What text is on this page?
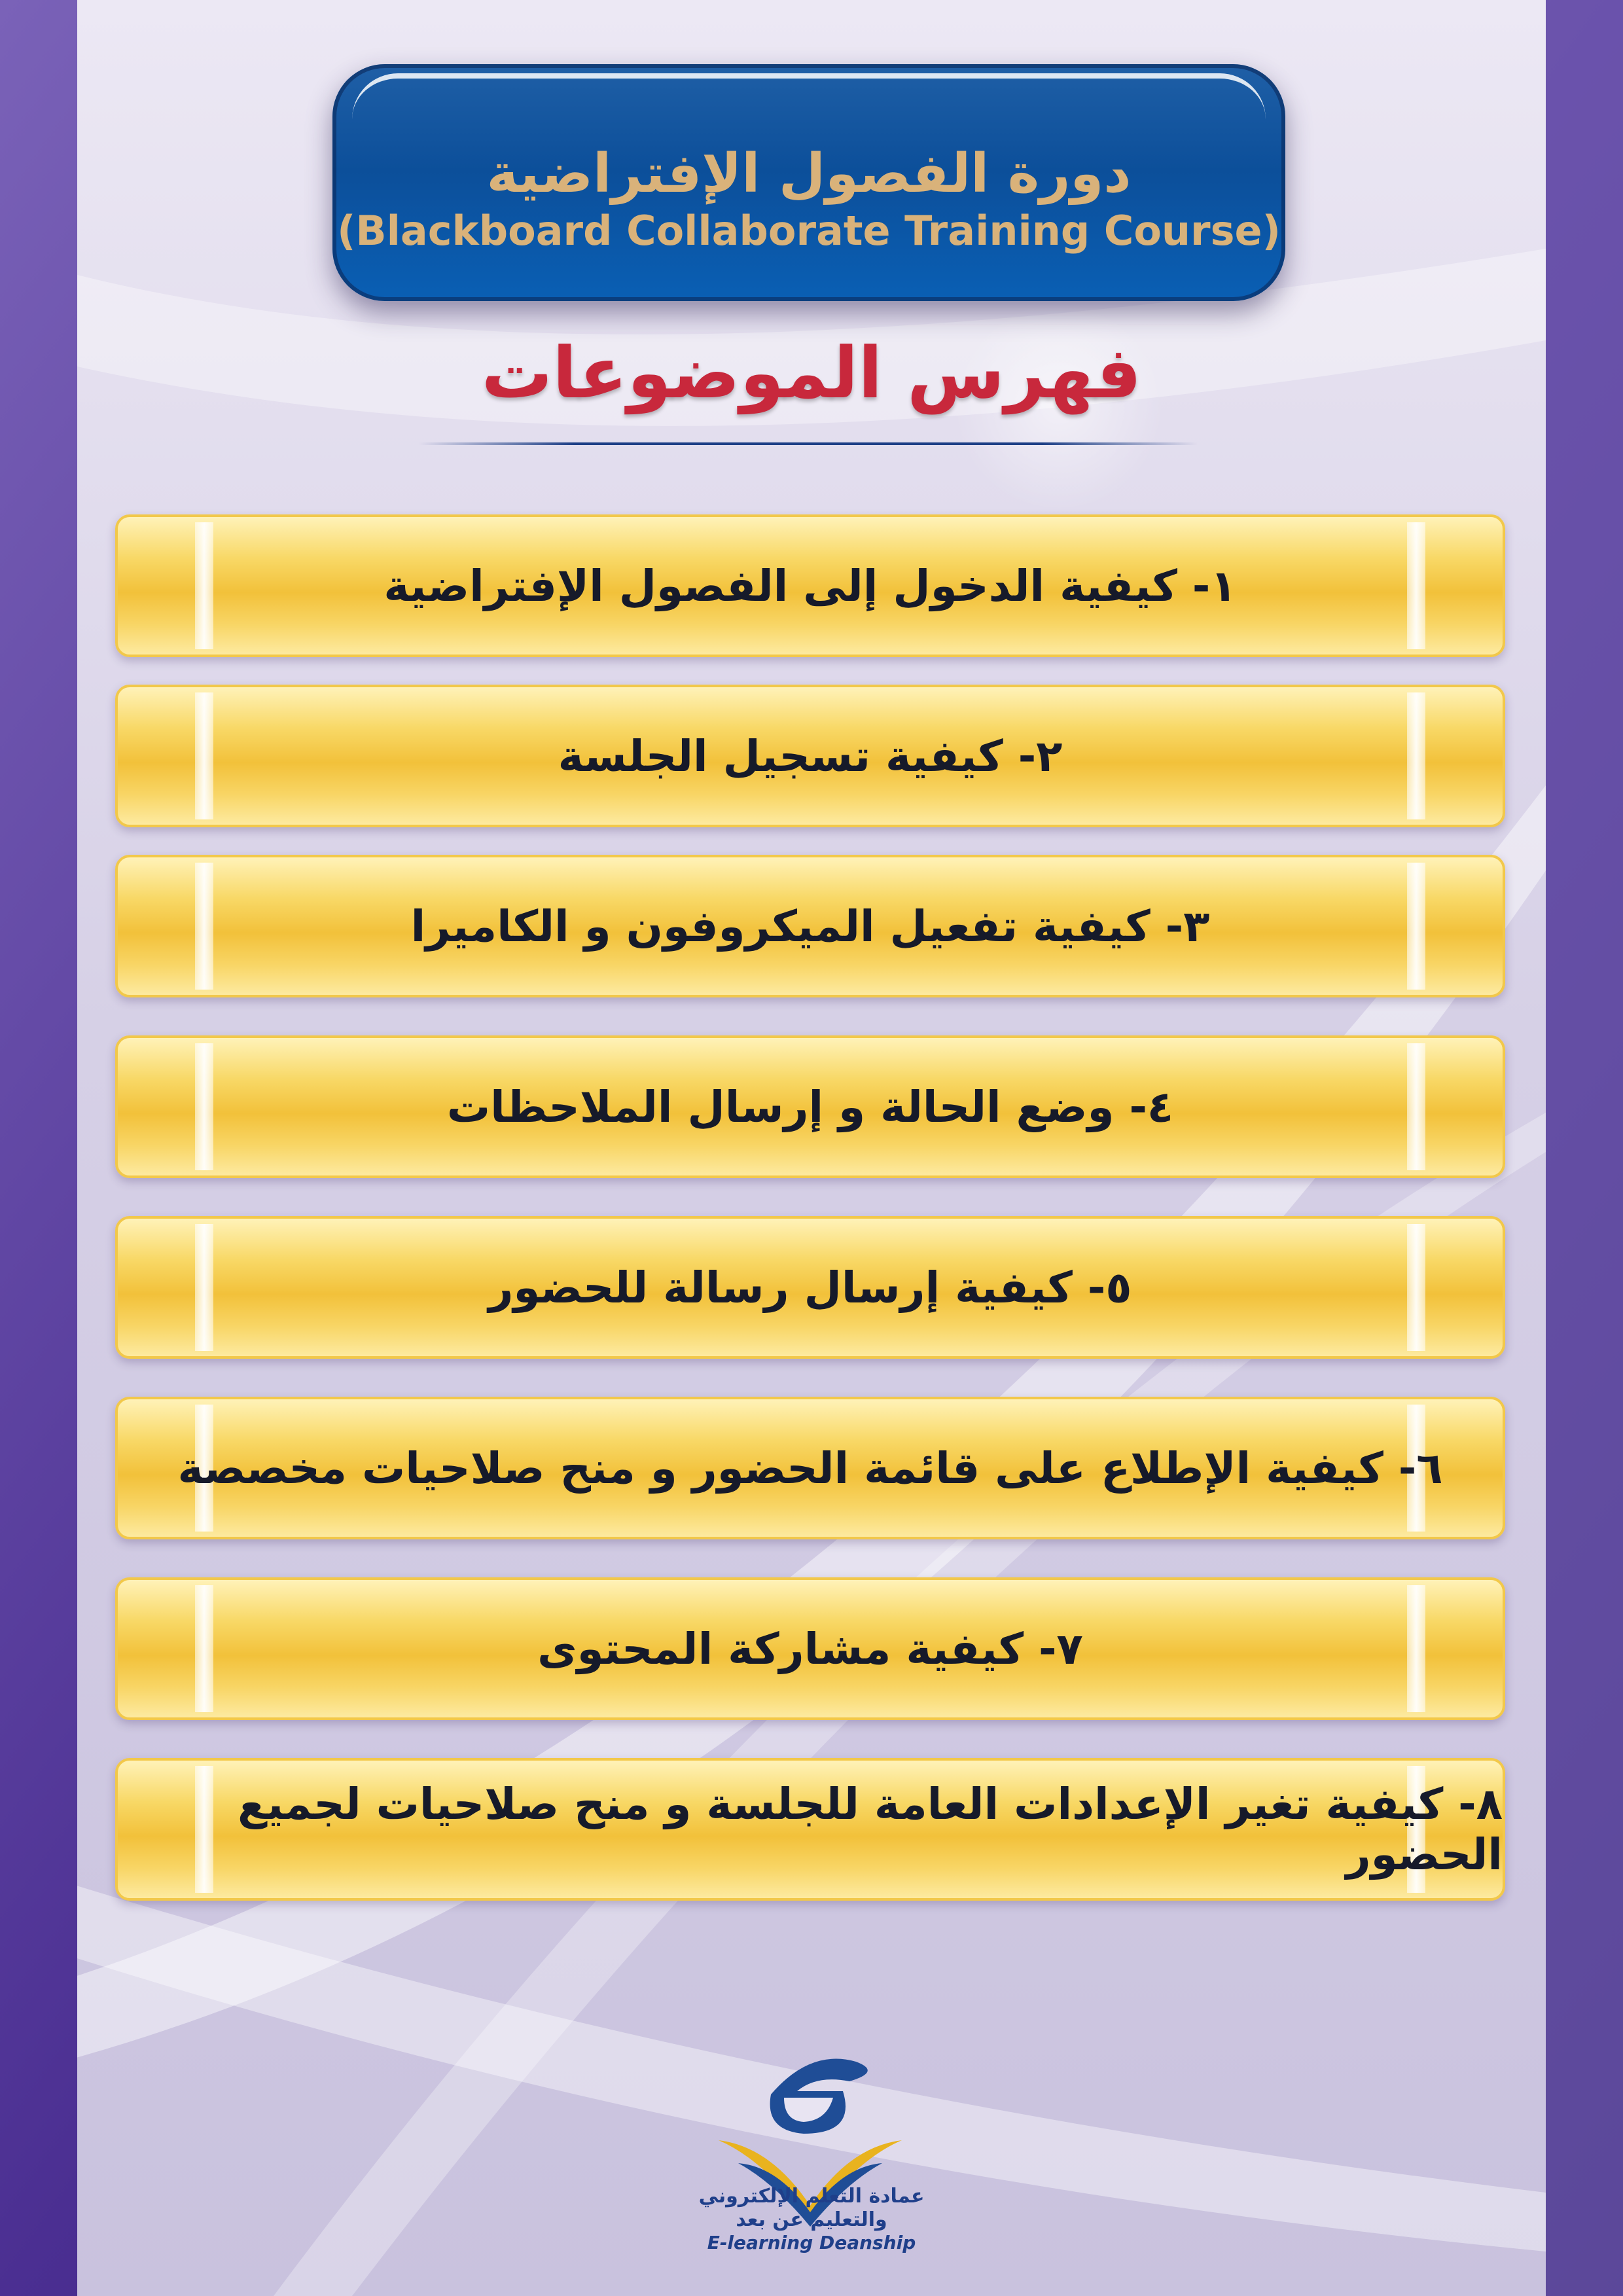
دورة الفصول الإفتراضية
(Blackboard Collaborate Training Course)
فهرس الموضوعات
١- كيفية الدخول إلى الفصول الإفتراضية
٢- كيفية تسجيل الجلسة
٣- كيفية تفعيل الميكروفون و الكاميرا
٤- وضع الحالة و إرسال الملاحظات
٥- كيفية إرسال رسالة للحضور
٦- كيفية الإطلاع على قائمة الحضور و منح صلاحيات مخصصة
٧- كيفية مشاركة المحتوى
٨- كيفية تغير الإعدادات العامة للجلسة و منح صلاحيات لجميع الحضور
عمادة التعلم الإلكتروني
والتعليم عن بعد
E-learning Deanship
